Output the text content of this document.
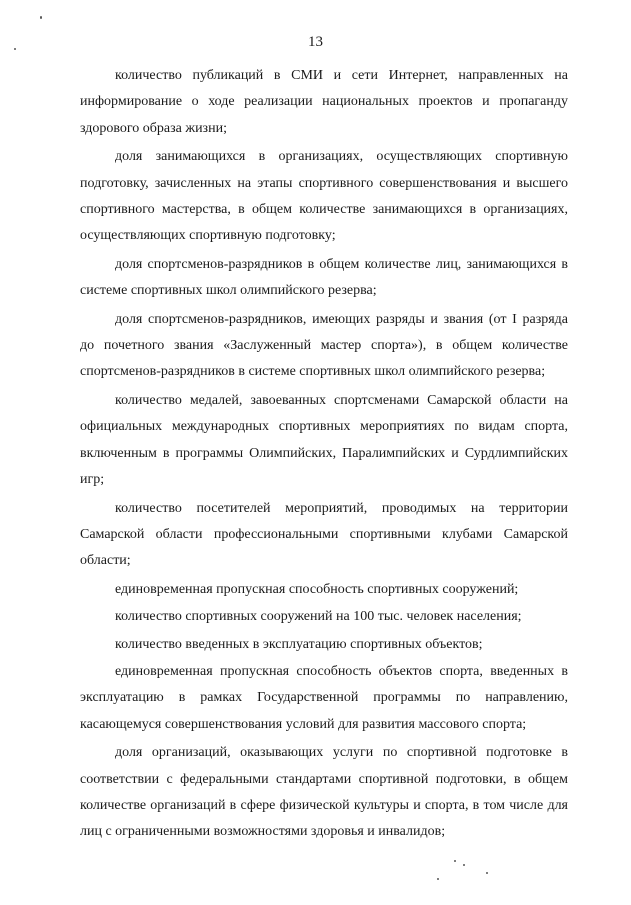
13

количество публикаций в СМИ и сети Интернет, направленных на информирование о ходе реализации национальных проектов и пропаганду здорового образа жизни;

доля занимающихся в организациях, осуществляющих спортивную подготовку, зачисленных на этапы спортивного совершенствования и высшего спортивного мастерства, в общем количестве занимающихся в организациях, осуществляющих спортивную подготовку;

доля спортсменов-разрядников в общем количестве лиц, занимающихся в системе спортивных школ олимпийского резерва;

доля спортсменов-разрядников, имеющих разряды и звания (от I разряда до почетного звания «Заслуженный мастер спорта»), в общем количестве спортсменов-разрядников в системе спортивных школ олимпийского резерва;

количество медалей, завоеванных спортсменами Самарской области на официальных международных спортивных мероприятиях по видам спорта, включенным в программы Олимпийских, Паралимпийских и Сурдлимпийских игр;

количество посетителей мероприятий, проводимых на территории Самарской области профессиональными спортивными клубами Самарской области;

единовременная пропускная способность спортивных сооружений;

количество спортивных сооружений на 100 тыс. человек населения;

количество введенных в эксплуатацию спортивных объектов;

единовременная пропускная способность объектов спорта, введенных в эксплуатацию в рамках Государственной программы по направлению, касающемуся совершенствования условий для развития массового спорта;

доля организаций, оказывающих услуги по спортивной подготовке в соответствии с федеральными стандартами спортивной подготовки, в общем количестве организаций в сфере физической культуры и спорта, в том числе для лиц с ограниченными возможностями здоровья и инвалидов;
